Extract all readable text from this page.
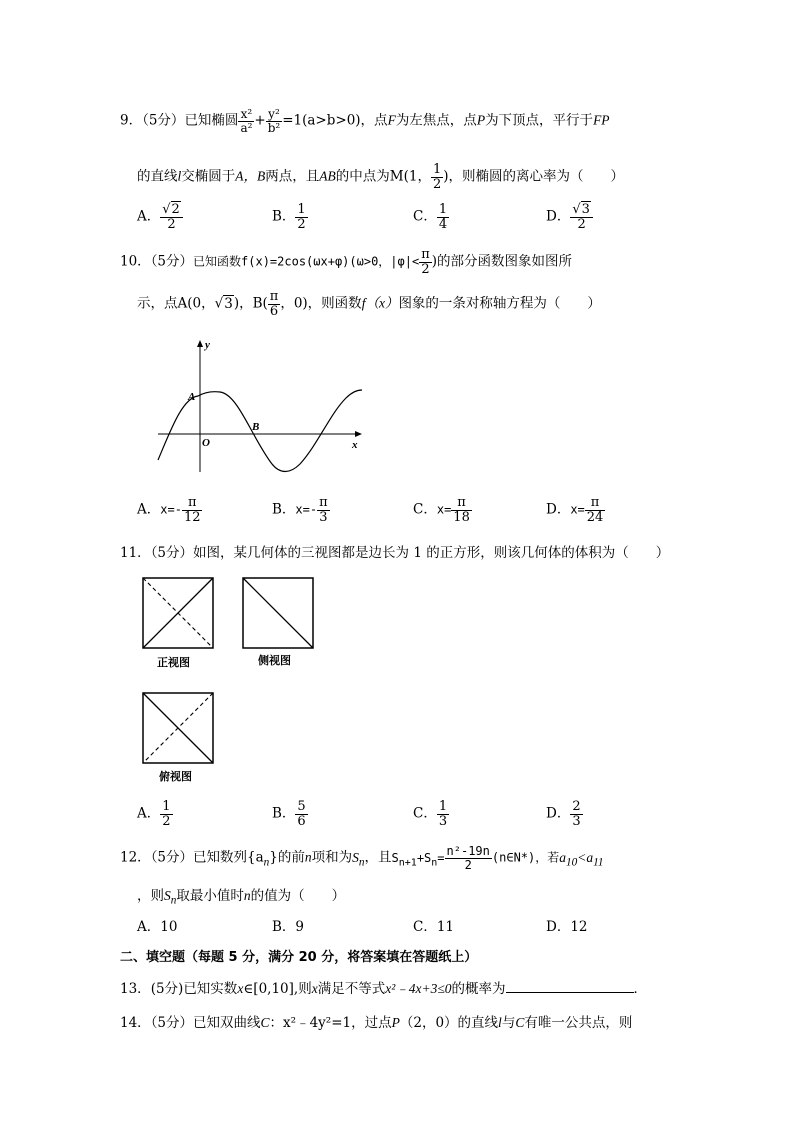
9．（5分）已知椭圆 $\frac{\text{x²}}{\text{a²}} + \frac{\text{y²}}{\text{b²}} =1(a>b>0)$，点F为左焦点，点P为下顶点，平行于FP
的直线l交椭圆于A，B两点，且AB的中点为M(1， $\frac{1}{2}$ )，则椭圆的离心率为（　　）
A． $\frac{√2}{2}$	B． $\frac{1}{2}$	C． $\frac{1}{4}$	D． $\frac{√3}{2}$
10．（5分）已知函数f(x)=2cos(ωx+φ)(ω>0，$|\varphi|< \frac{\pi}{2}$ )的部分函数图象如图所
示，点A(0，√3)，$B( \frac{\pi}{6}$ ，0)，则函数f（x）图象的一条对称轴方程为（　　）
y
x
A
B
O
A．$x=- \frac{\pi}{12}$	B．$x=- \frac{\pi}{3}$	C．$x= \frac{\pi}{18}$	D．$x= \frac{\pi}{24}$
11．（5分）如图，某几何体的三视图都是边长为 1 的正方形，则该几何体的体积为（　　）
正视图	侧视图
俯视图
A． $\frac{1}{2}$	B． $\frac{5}{6}$	C． $\frac{1}{3}$	D． $\frac{2}{3}$
12．（5分）已知数列$\{a_n\}$的前n项和为$S_n$，且$S_{n+1}+S_n= \frac{\text{n²-19n}}{2}$ (n∈N*)，若$a_{10}<a_{11}$
，则$S_n$取最小值时n的值为（　　）
A．10	B．9	C．11	D．12
二、填空题（每题 5 分，满分 20 分，将答案填在答题纸上）
13．(5分)已知实数x∈[0,10],则x满足不等式x²﹣4x+3≤0的概率为	．
14．（5分）已知双曲线C：x²﹣4y²=1，过点P（2，0）的直线l与C有唯一公共点，则
